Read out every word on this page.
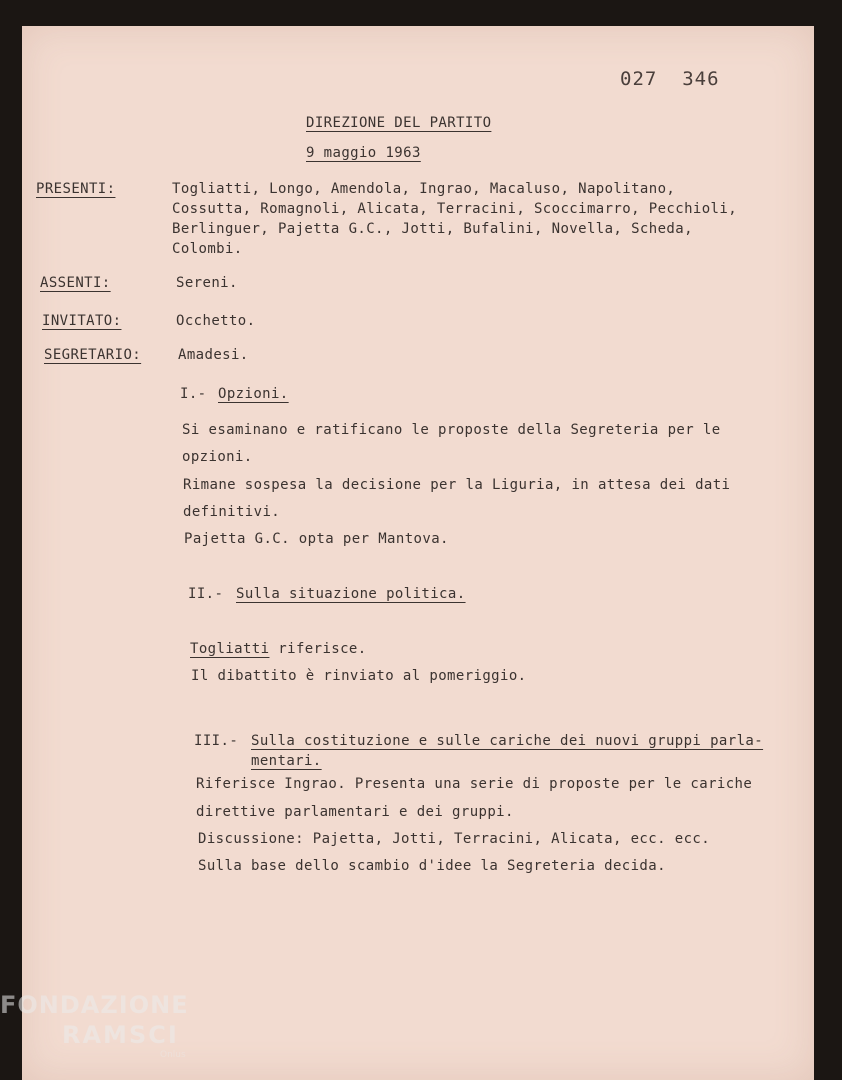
027  346
DIREZIONE DEL PARTITO
9 maggio 1963
PRESENTI:	Togliatti, Longo, Amendola, Ingrao, Macaluso, Napolitano,
Cossutta, Romagnoli, Alicata, Terracini, Scoccimarro, Pecchioli,
Berlinguer, Pajetta G.C., Jotti, Bufalini, Novella, Scheda,
Colombi.
ASSENTI:	Sereni.
INVITATO:	Occhetto.
SEGRETARIO:	Amadesi.
I.- Opzioni.
Si esaminano e ratificano le proposte della Segreteria per le
opzioni.
Rimane sospesa la decisione per la Liguria, in attesa dei dati
definitivi.
Pajetta G.C. opta per Mantova.
II.- Sulla situazione politica.
Togliatti riferisce.
Il dibattito è rinviato al pomeriggio.
III.- Sulla costituzione e sulle cariche dei nuovi gruppi parla-
mentari.
Riferisce Ingrao. Presenta una serie di proposte per le cariche
direttive parlamentari e dei gruppi.
Discussione: Pajetta, Jotti, Terracini, Alicata, ecc. ecc.
Sulla base dello scambio d'idee la Segreteria decida.
FONDAZIONE
RAMSCI
Onlus
